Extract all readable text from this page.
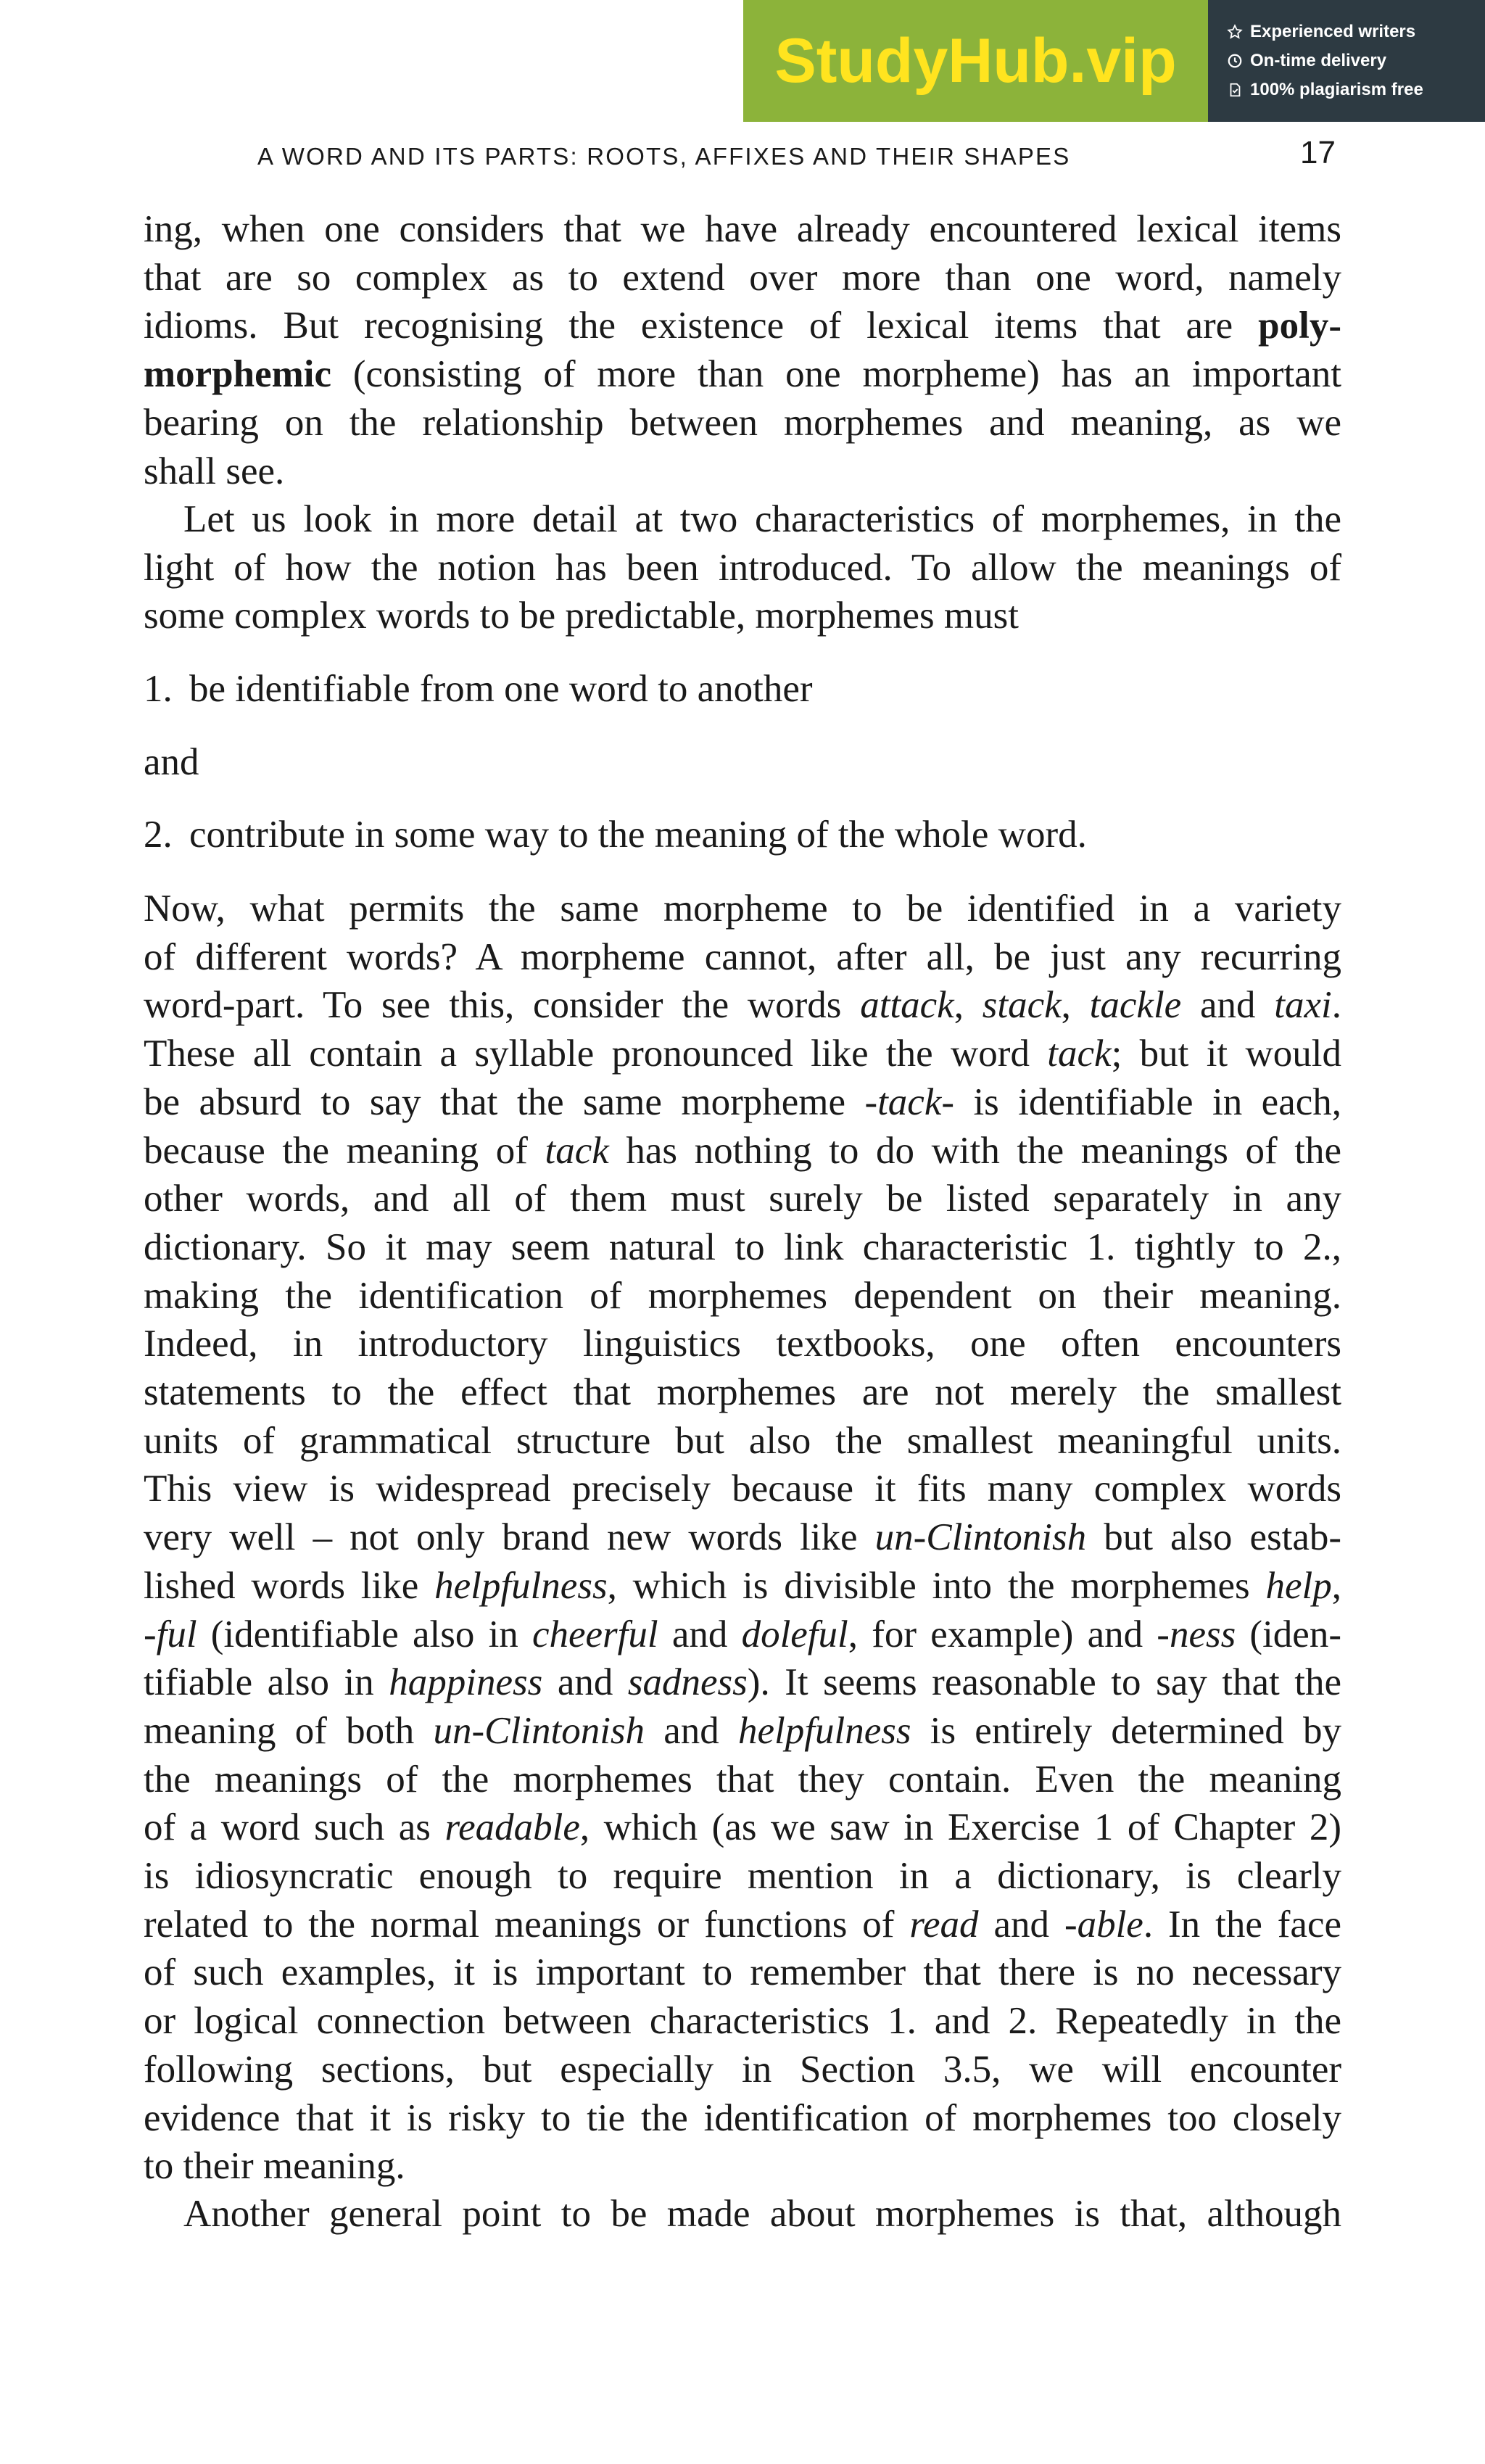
StudyHub.vip	Experienced writers
On-time delivery
100% plagiarism free
A WORD AND ITS PARTS: ROOTS, AFFIXES AND THEIR SHAPES	17
ing, when one considers that we have already encountered lexical items
that are so complex as to extend over more than one word, namely
idioms. But recognising the existence of lexical items that are poly-
morphemic (consisting of more than one morpheme) has an important
bearing on the relationship between morphemes and meaning, as we
shall see.
Let us look in more detail at two characteristics of morphemes, in the
light of how the notion has been introduced. To allow the meanings of
some complex words to be predictable, morphemes must
1. be identifiable from one word to another
and
2. contribute in some way to the meaning of the whole word.
Now, what permits the same morpheme to be identified in a variety
of different words? A morpheme cannot, after all, be just any recurring
word-part. To see this, consider the words attack, stack, tackle and taxi.
These all contain a syllable pronounced like the word tack; but it would
be absurd to say that the same morpheme -tack- is identifiable in each,
because the meaning of tack has nothing to do with the meanings of the
other words, and all of them must surely be listed separately in any
dictionary. So it may seem natural to link characteristic 1. tightly to 2.,
making the identification of morphemes dependent on their meaning.
Indeed, in introductory linguistics textbooks, one often encounters
statements to the effect that morphemes are not merely the smallest
units of grammatical structure but also the smallest meaningful units.
This view is widespread precisely because it fits many complex words
very well – not only brand new words like un-Clintonish but also estab-
lished words like helpfulness, which is divisible into the morphemes help,
-ful (identifiable also in cheerful and doleful, for example) and -ness (iden-
tifiable also in happiness and sadness). It seems reasonable to say that the
meaning of both un-Clintonish and helpfulness is entirely determined by
the meanings of the morphemes that they contain. Even the meaning
of a word such as readable, which (as we saw in Exercise 1 of Chapter 2)
is idiosyncratic enough to require mention in a dictionary, is clearly
related to the normal meanings or functions of read and -able. In the face
of such examples, it is important to remember that there is no necessary
or logical connection between characteristics 1. and 2. Repeatedly in the
following sections, but especially in Section 3.5, we will encounter
evidence that it is risky to tie the identification of morphemes too closely
to their meaning.
Another general point to be made about morphemes is that, although
